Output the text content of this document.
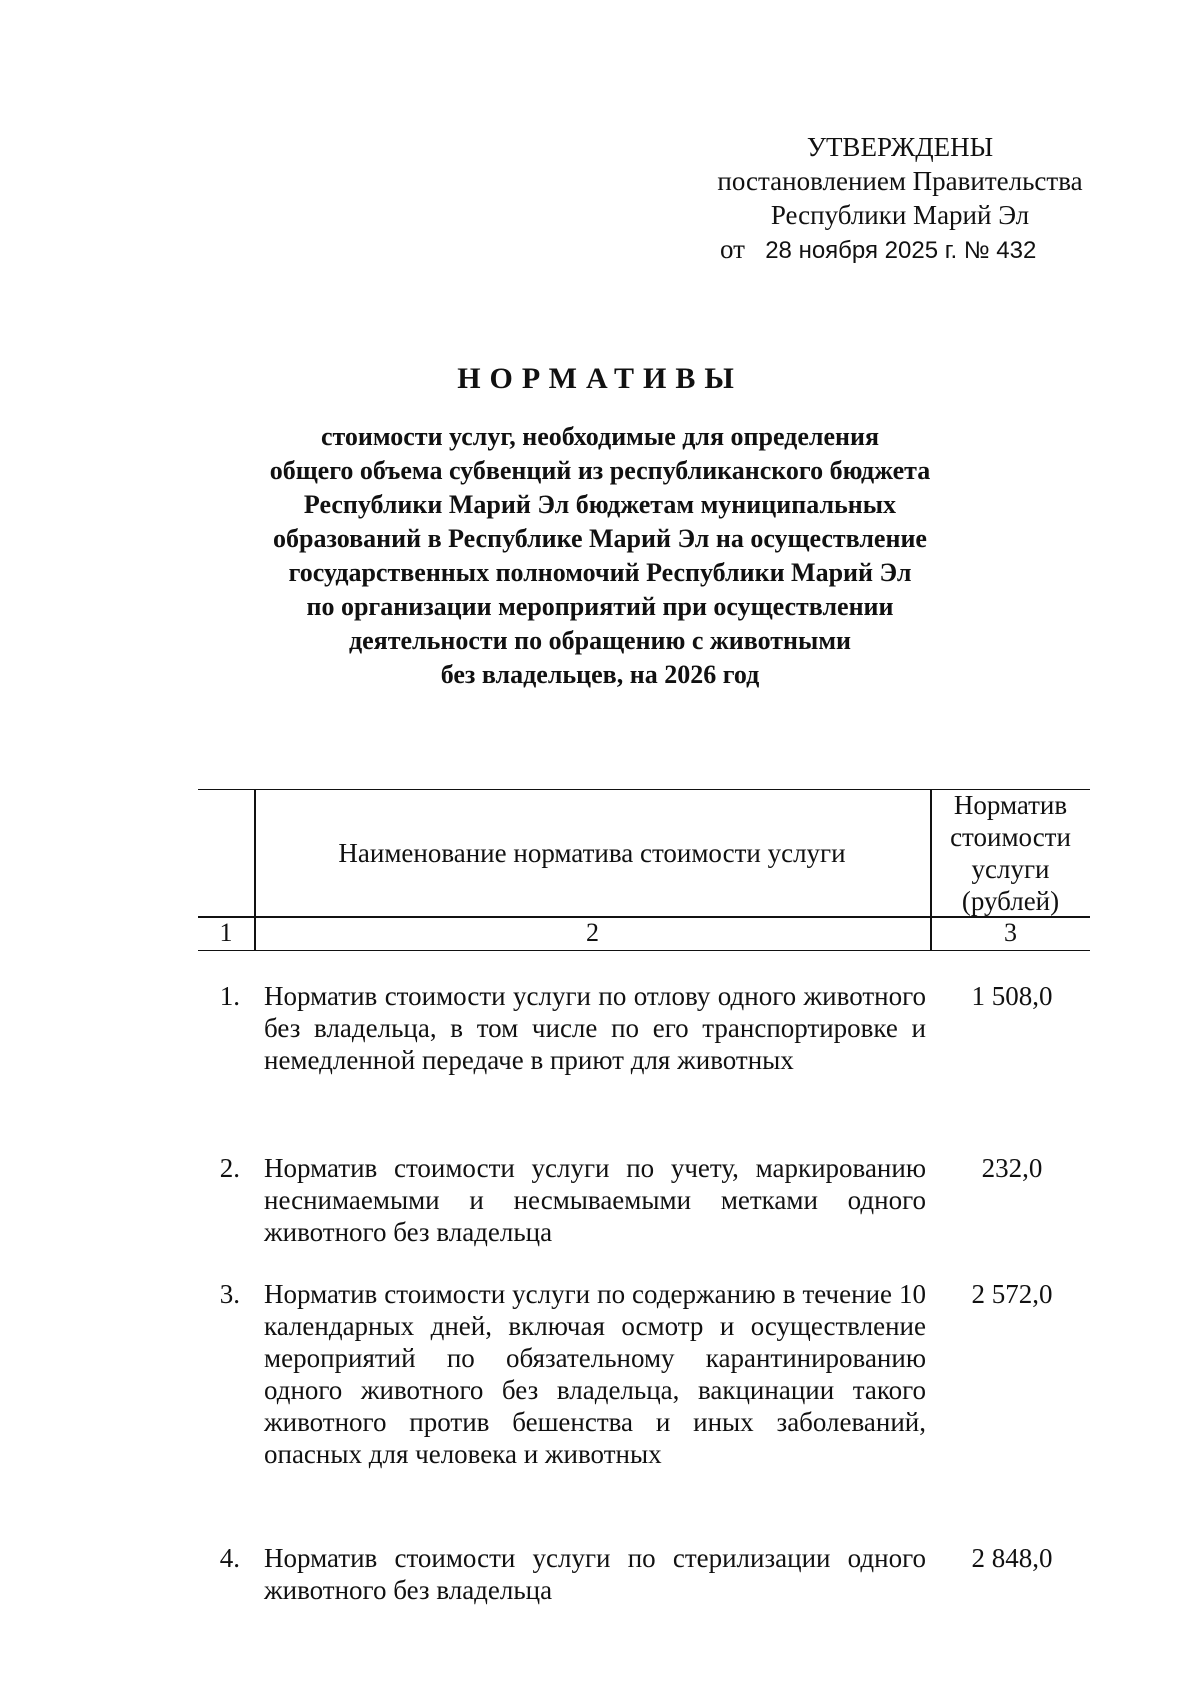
УТВЕРЖДЕНЫ
постановлением Правительства
Республики Марий Эл
от 28 ноября 2025 г. № 432
НОРМАТИВЫ
стоимости услуг, необходимые для определения
общего объема субвенций из республиканского бюджета
Республики Марий Эл бюджетам муниципальных
образований в Республике Марий Эл на осуществление
государственных полномочий Республики Марий Эл
по организации мероприятий при осуществлении
деятельности по обращению с животными
без владельцев, на 2026 год
Наименование норматива стоимости услуги
Норматив стоимости услуги (рублей)
1	2	3
1. Норматив стоимости услуги по отлову одного животного без владельца, в том числе по его транспортировке и немедленной передаче в приют для животных
1 508,0
2. Норматив стоимости услуги по учету, маркированию неснимаемыми и несмываемыми метками одного животного без владельца
232,0
3. Норматив стоимости услуги по содержанию в течение 10 календарных дней, включая осмотр и осуществление мероприятий по обязательному карантинированию одного животного без владельца, вакцинации такого животного против бешенства и иных заболеваний, опасных для человека и животных
2 572,0
4. Норматив стоимости услуги по стерилизации одного животного без владельца
2 848,0
